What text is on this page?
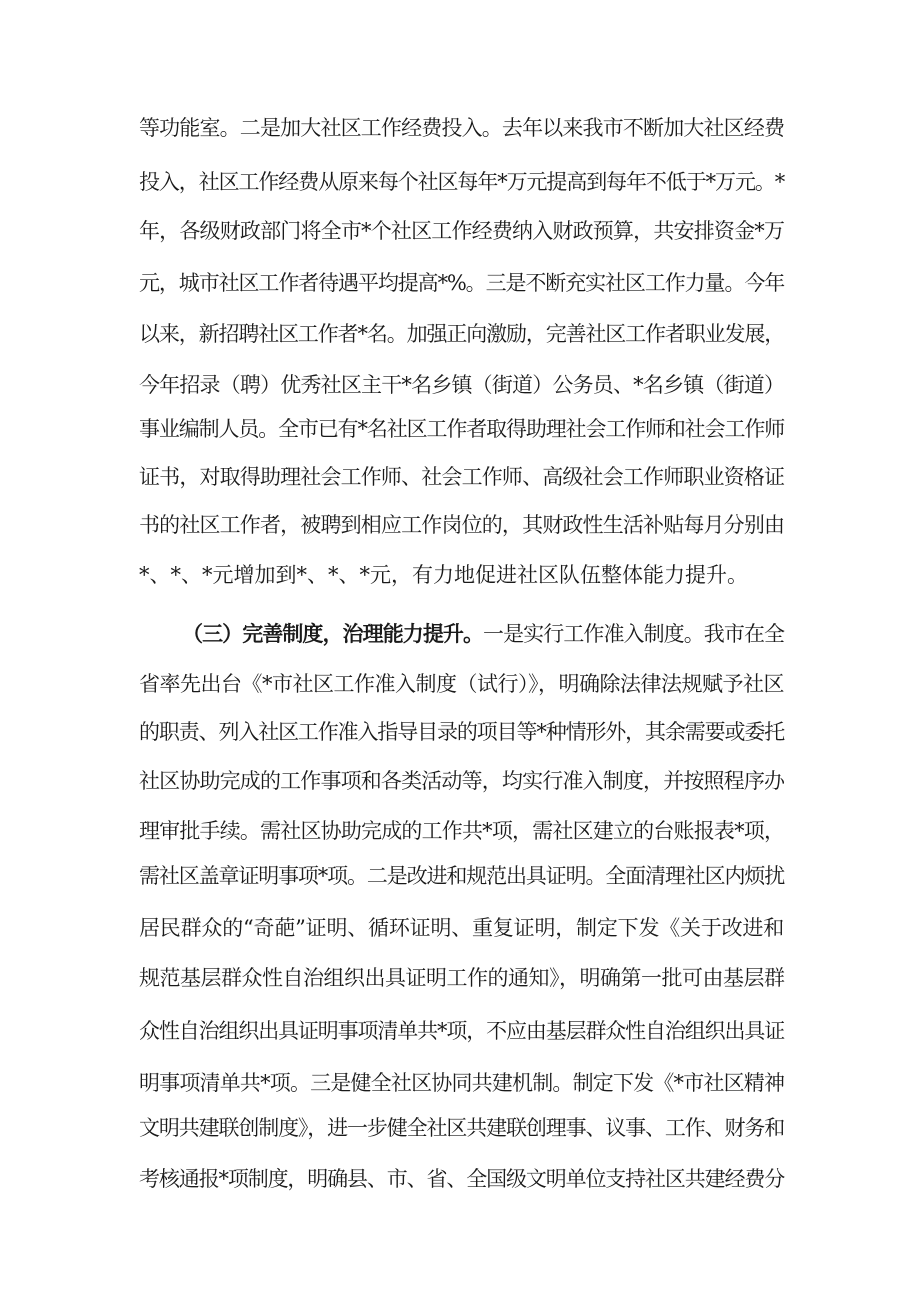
等功能室。二是加大社区工作经费投入。去年以来我市不断加大社区经费
投入，社区工作经费从原来每个社区每年*万元提高到每年不低于*万元。*
年，各级财政部门将全市*个社区工作经费纳入财政预算，共安排资金*万
元，城市社区工作者待遇平均提高*%。三是不断充实社区工作力量。今年
以来，新招聘社区工作者*名。加强正向激励，完善社区工作者职业发展，
今年招录（聘）优秀社区主干*名乡镇（街道）公务员、*名乡镇（街道）
事业编制人员。全市已有*名社区工作者取得助理社会工作师和社会工作师
证书，对取得助理社会工作师、社会工作师、高级社会工作师职业资格证
书的社区工作者，被聘到相应工作岗位的，其财政性生活补贴每月分别由
*、*、*元增加到*、*、*元，有力地促进社区队伍整体能力提升。
（三）完善制度，治理能力提升。一是实行工作准入制度。我市在全
省率先出台《*市社区工作准入制度（试行）》，明确除法律法规赋予社区
的职责、列入社区工作准入指导目录的项目等*种情形外，其余需要或委托
社区协助完成的工作事项和各类活动等，均实行准入制度，并按照程序办
理审批手续。需社区协助完成的工作共*项，需社区建立的台账报表*项，
需社区盖章证明事项*项。二是改进和规范出具证明。全面清理社区内烦扰
居民群众的“奇葩”证明、循环证明、重复证明，制定下发《关于改进和
规范基层群众性自治组织出具证明工作的通知》，明确第一批可由基层群
众性自治组织出具证明事项清单共*项，不应由基层群众性自治组织出具证
明事项清单共*项。三是健全社区协同共建机制。制定下发《*市社区精神
文明共建联创制度》，进一步健全社区共建联创理事、议事、工作、财务和
考核通报*项制度，明确县、市、省、全国级文明单位支持社区共建经费分
